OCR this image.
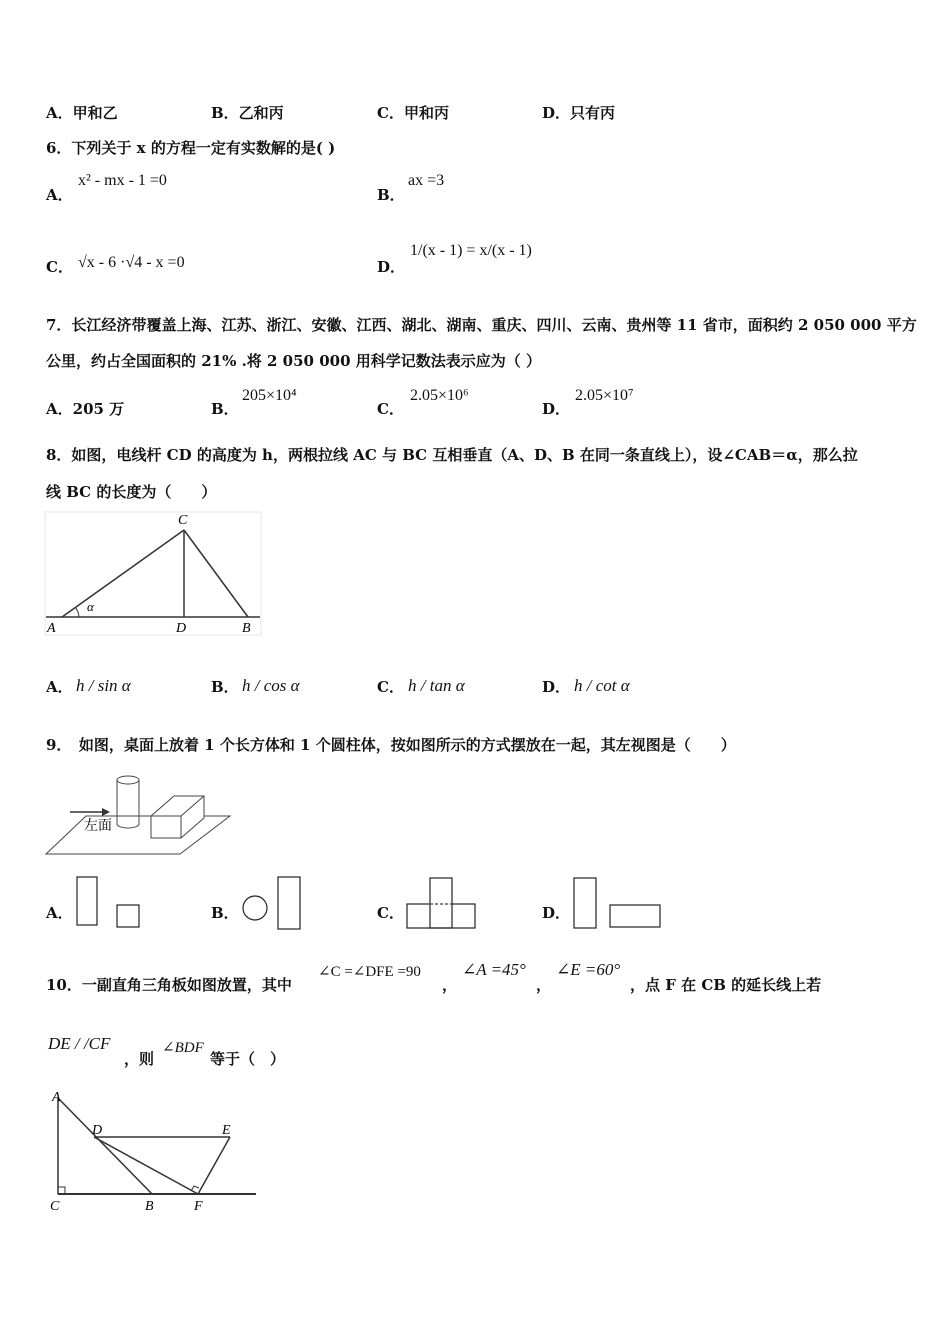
A．甲和乙	B．乙和丙	C．甲和丙	D．只有丙
6．下列关于 x 的方程一定有实数解的是( )
A．
x² - mx - 1 =0
B．
ax =3
C． √x - 6 ·√4 - x =0	D．
1/(x - 1) = x/(x - 1)
7．长江经济带覆盖上海、江苏、浙江、安徽、江西、湖北、湖南、重庆、四川、云南、贵州等 11 省市，面积约 2 050 000 平方
公里，约占全国面积的 21% .将 2 050 000 用科学记数法表示应为（ ）
A．205 万	B．
205×10⁴
C．
2.05×10⁶
D．
2.05×10⁷
8．如图，电线杆 CD 的高度为 h，两根拉线 AC 与 BC 互相垂直（A、D、B 在同一条直线上），设∠CAB＝α，那么拉
线 BC 的长度为（　　）
C
α
A	D	B
A． h / sin α	B． h / cos α	C． h / tan α	D． h / cot α
9．　如图，桌面上放着 1 个长方体和 1 个圆柱体，按如图所示的方式摆放在一起，其左视图是（　　）
左面
A．	B．	C．	D．
10．一副直角三角板如图放置，其中
∠C =∠DFE =90
，
∠A =45°
，
∠E =60°
，点 F 在 CB 的延长线上若
DE / /CF
，则
∠BDF
等于（　）
A
D	E
C	B	F
